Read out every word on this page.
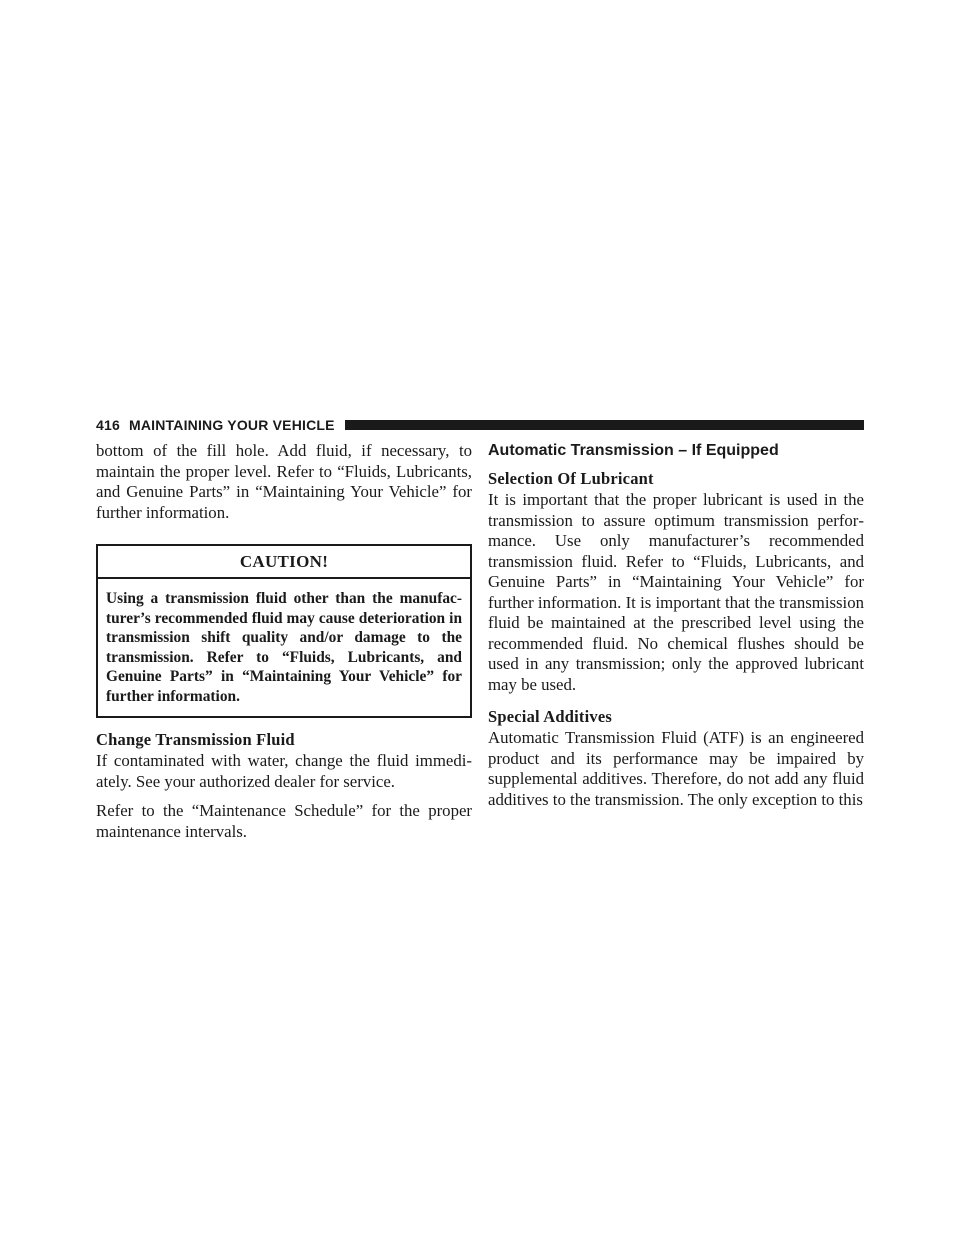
416 MAINTAINING YOUR VEHICLE

bottom of the fill hole. Add fluid, if necessary, to maintain the proper level. Refer to “Fluids, Lubricants, and Genuine Parts” in “Maintaining Your Vehicle” for further information.

CAUTION!

Using a transmission fluid other than the manufacturer’s recommended fluid may cause deterioration in transmission shift quality and/or damage to the transmission. Refer to “Fluids, Lubricants, and Genuine Parts” in “Maintaining Your Vehicle” for further information.

Change Transmission Fluid

If contaminated with water, change the fluid immediately. See your authorized dealer for service.

Refer to the “Maintenance Schedule” for the proper maintenance intervals.

Automatic Transmission – If Equipped
Selection Of Lubricant

It is important that the proper lubricant is used in the transmission to assure optimum transmission performance. Use only manufacturer’s recommended transmission fluid. Refer to “Fluids, Lubricants, and Genuine Parts” in “Maintaining Your Vehicle” for further information. It is important that the transmission fluid be maintained at the prescribed level using the recommended fluid. No chemical flushes should be used in any transmission; only the approved lubricant may be used.

Special Additives

Automatic Transmission Fluid (ATF) is an engineered product and its performance may be impaired by supplemental additives. Therefore, do not add any fluid additives to the transmission. The only exception to this
